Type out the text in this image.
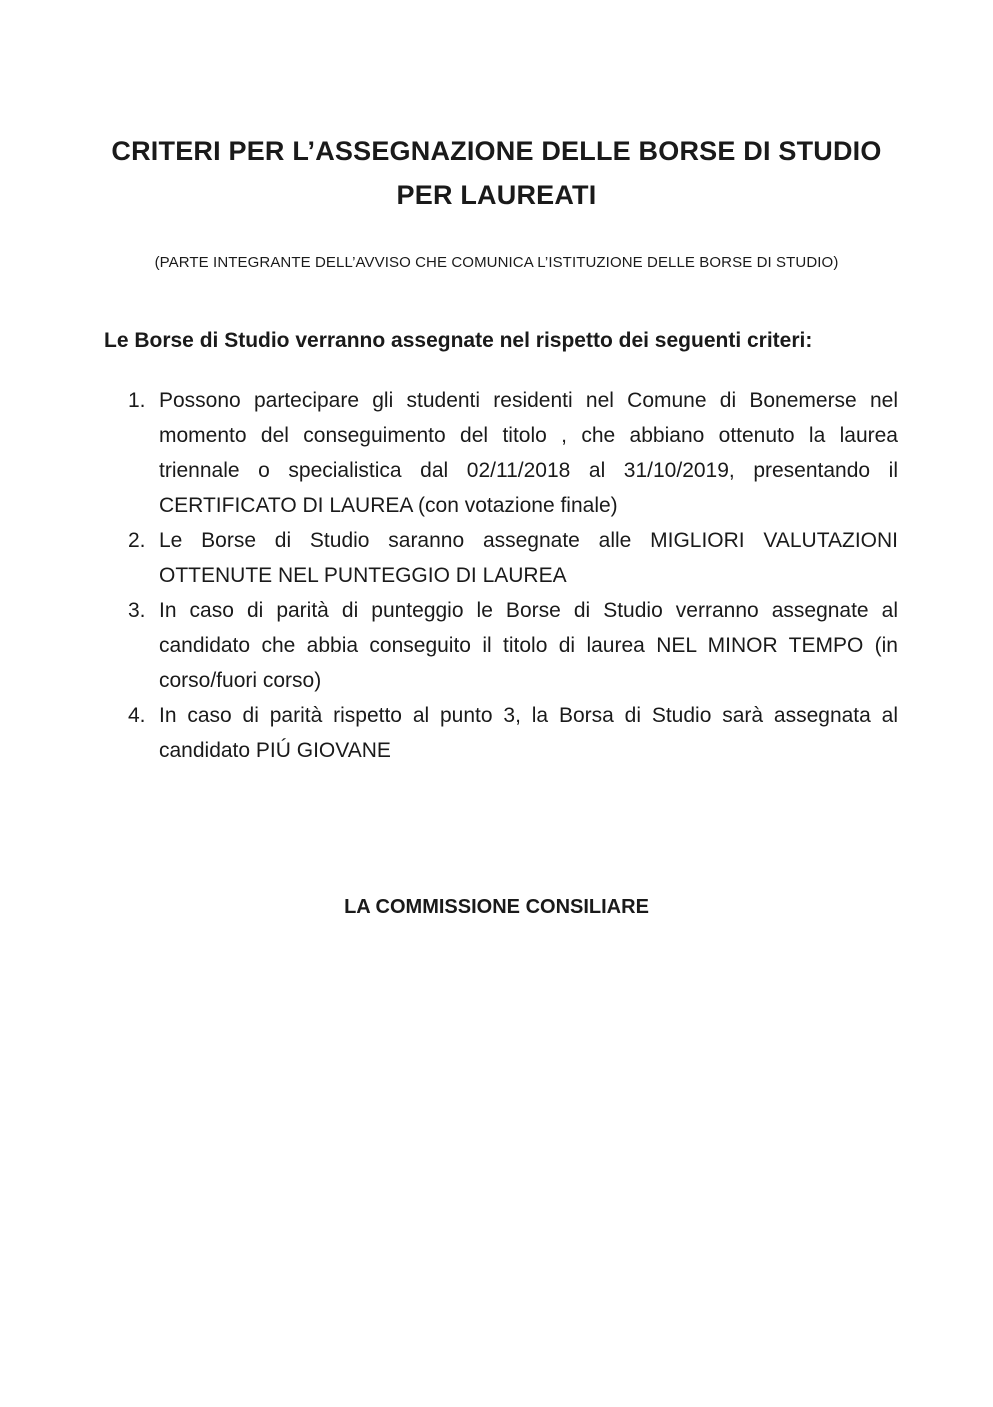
CRITERI PER L’ASSEGNAZIONE DELLE BORSE DI STUDIO
PER LAUREATI
(PARTE INTEGRANTE DELL’AVVISO CHE COMUNICA L’ISTITUZIONE DELLE BORSE DI STUDIO)
Le Borse di Studio verranno assegnate nel rispetto dei seguenti criteri:
1. Possono partecipare gli studenti residenti nel Comune di Bonemerse nel momento del conseguimento del titolo , che abbiano ottenuto la laurea triennale o specialistica dal 02/11/2018 al 31/10/2019, presentando il CERTIFICATO DI LAUREA (con votazione finale)
2. Le Borse di Studio saranno assegnate alle MIGLIORI VALUTAZIONI OTTENUTE NEL PUNTEGGIO DI LAUREA
3. In caso di parità di punteggio le Borse di Studio verranno assegnate al candidato che abbia conseguito il titolo di laurea NEL MINOR TEMPO (in corso/fuori corso)
4. In caso di parità rispetto al punto 3, la Borsa di Studio sarà assegnata al candidato PIÚ GIOVANE
LA COMMISSIONE CONSILIARE
